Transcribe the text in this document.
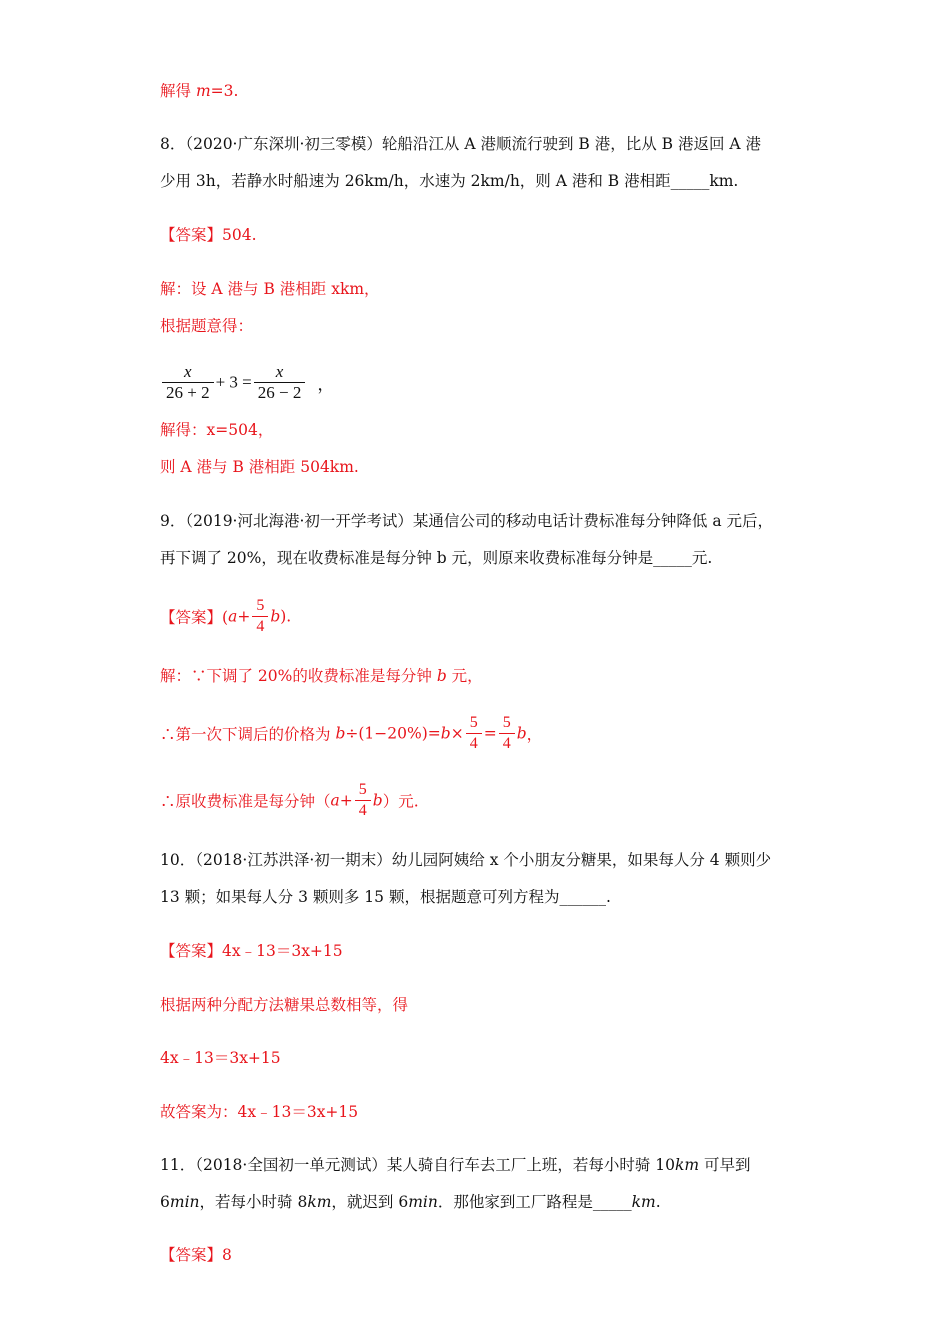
解得 m=3.
8．（2020·广东深圳·初三零模）轮船沿江从 A 港顺流行驶到 B 港，比从 B 港返回 A 港
少用 3h，若静水时船速为 26km/h，水速为 2km/h，则 A 港和 B 港相距_____km.
【答案】504.
解：设 A 港与 B 港相距 xkm，
根据题意得：
$\frac{x}{26 + 2} + 3 = \frac{x}{26 - 2}$ ，
解得：x=504，
则 A 港与 B 港相距 504km.
9．（2019·河北海港·初一开学考试）某通信公司的移动电话计费标准每分钟降低 a 元后，
再下调了 20%，现在收费标准是每分钟 b 元，则原来收费标准每分钟是_____元.
【答案】$(a+ \frac{5}{4} b)$.
解：∵下调了 20%的收费标准是每分钟 b 元，
∴第一次下调后的价格为 $b\div(1-20\%)=b\times \frac{5}{4} = \frac{5}{4}$ b，
∴原收费标准是每分钟$(a+ \frac{5}{4} b)$元.
10．（2018·江苏洪泽·初一期末）幼儿园阿姨给 x 个小朋友分糖果，如果每人分 4 颗则少
13 颗；如果每人分 3 颗则多 15 颗，根据题意可列方程为______.
【答案】4x﹣13＝3x+15
根据两种分配方法糖果总数相等，得
4x﹣13＝3x+15
故答案为：4x﹣13＝3x+15
11．（2018·全国初一单元测试）某人骑自行车去工厂上班，若每小时骑 10km 可早到
6min，若每小时骑 8km，就迟到 6min．那他家到工厂路程是_____km.
【答案】8
